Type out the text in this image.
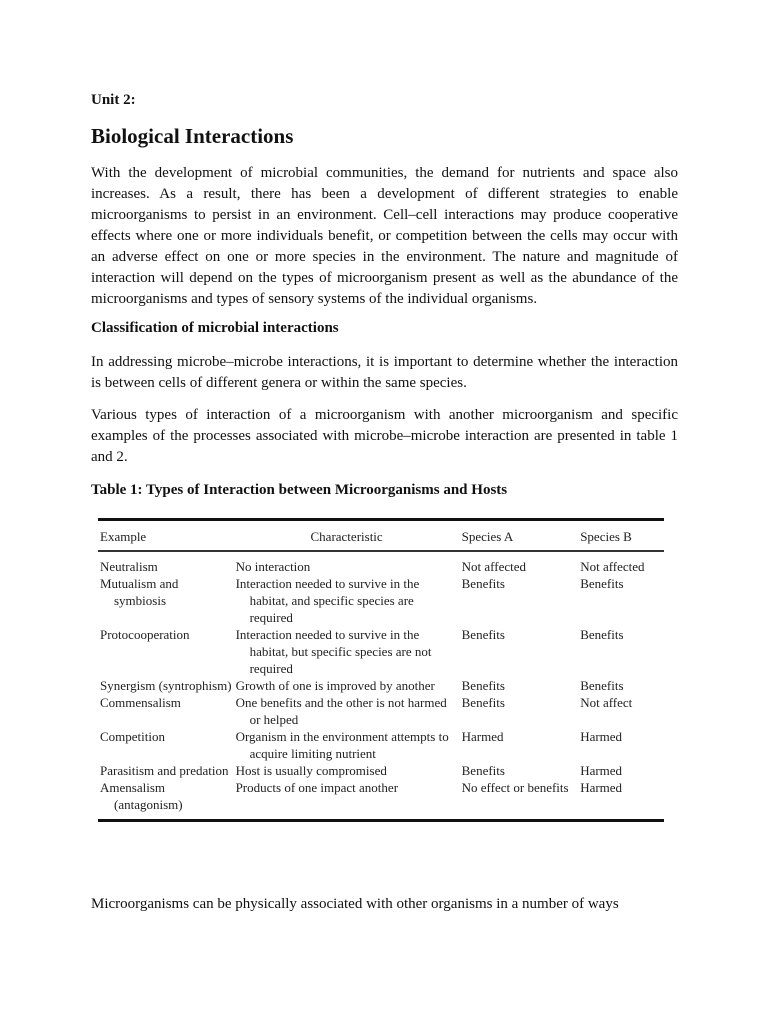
Unit 2:
Biological Interactions

With the development of microbial communities, the demand for nutrients and space also increases. As a result, there has been a development of different strategies to enable microorganisms to persist in an environment. Cell–cell interactions may produce cooperative effects where one or more individuals benefit, or competition between the cells may occur with an adverse effect on one or more species in the environment. The nature and magnitude of interaction will depend on the types of microorganism present as well as the abundance of the microorganisms and types of sensory systems of the individual organisms.

Classification of microbial interactions

In addressing microbe–microbe interactions, it is important to determine whether the interaction is between cells of different genera or within the same species.

Various types of interaction of a microorganism with another microorganism and specific examples of the processes associated with microbe–microbe interaction are presented in table 1 and 2.

Table 1: Types of Interaction between Microorganisms and Hosts
Example	Characteristic	Species A	Species B

Neutralism	No interaction	Not affected	Not affected

Mutualism and symbiosis	Interaction needed to survive in the habitat, and specific species are required	Benefits	Benefits

Protocooperation	Interaction needed to survive in the habitat, but specific species are not required	Benefits	Benefits

Synergism (syntrophism)	Growth of one is improved by another	Benefits	Benefits

Commensalism	One benefits and the other is not harmed or helped	Benefits	Not affect

Competition	Organism in the environment attempts to acquire limiting nutrient	Harmed	Harmed

Parasitism and predation	Host is usually compromised	Benefits	Harmed

Amensalism (antagonism)	Products of one impact another	No effect or benefits	Harmed
Microorganisms can be physically associated with other organisms in a number of ways
